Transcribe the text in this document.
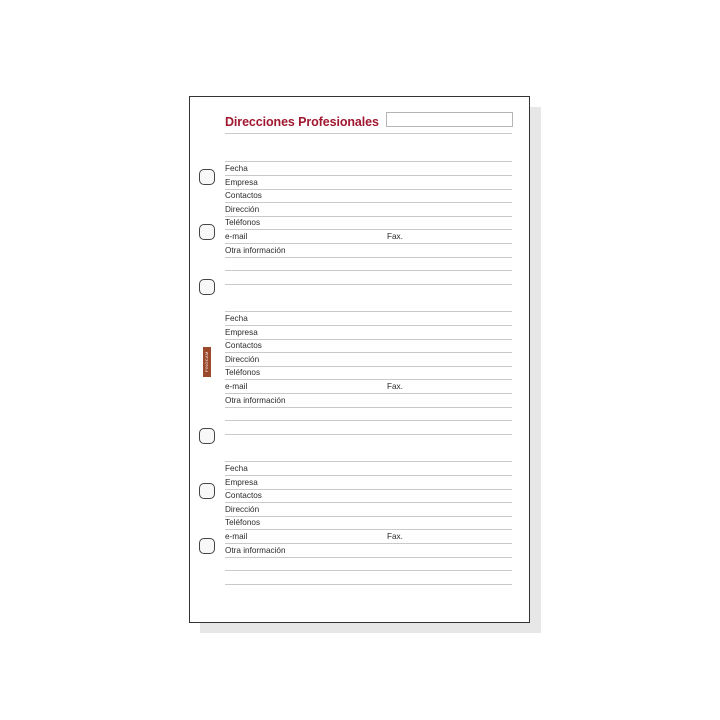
Direcciones Profesionales
FINOCAM
Fecha
Empresa
Contactos
Dirección
Teléfonos
e-mail	Fax.
Otra información
Fecha
Empresa
Contactos
Dirección
Teléfonos
e-mail	Fax.
Otra información
Fecha
Empresa
Contactos
Dirección
Teléfonos
e-mail	Fax.
Otra información
